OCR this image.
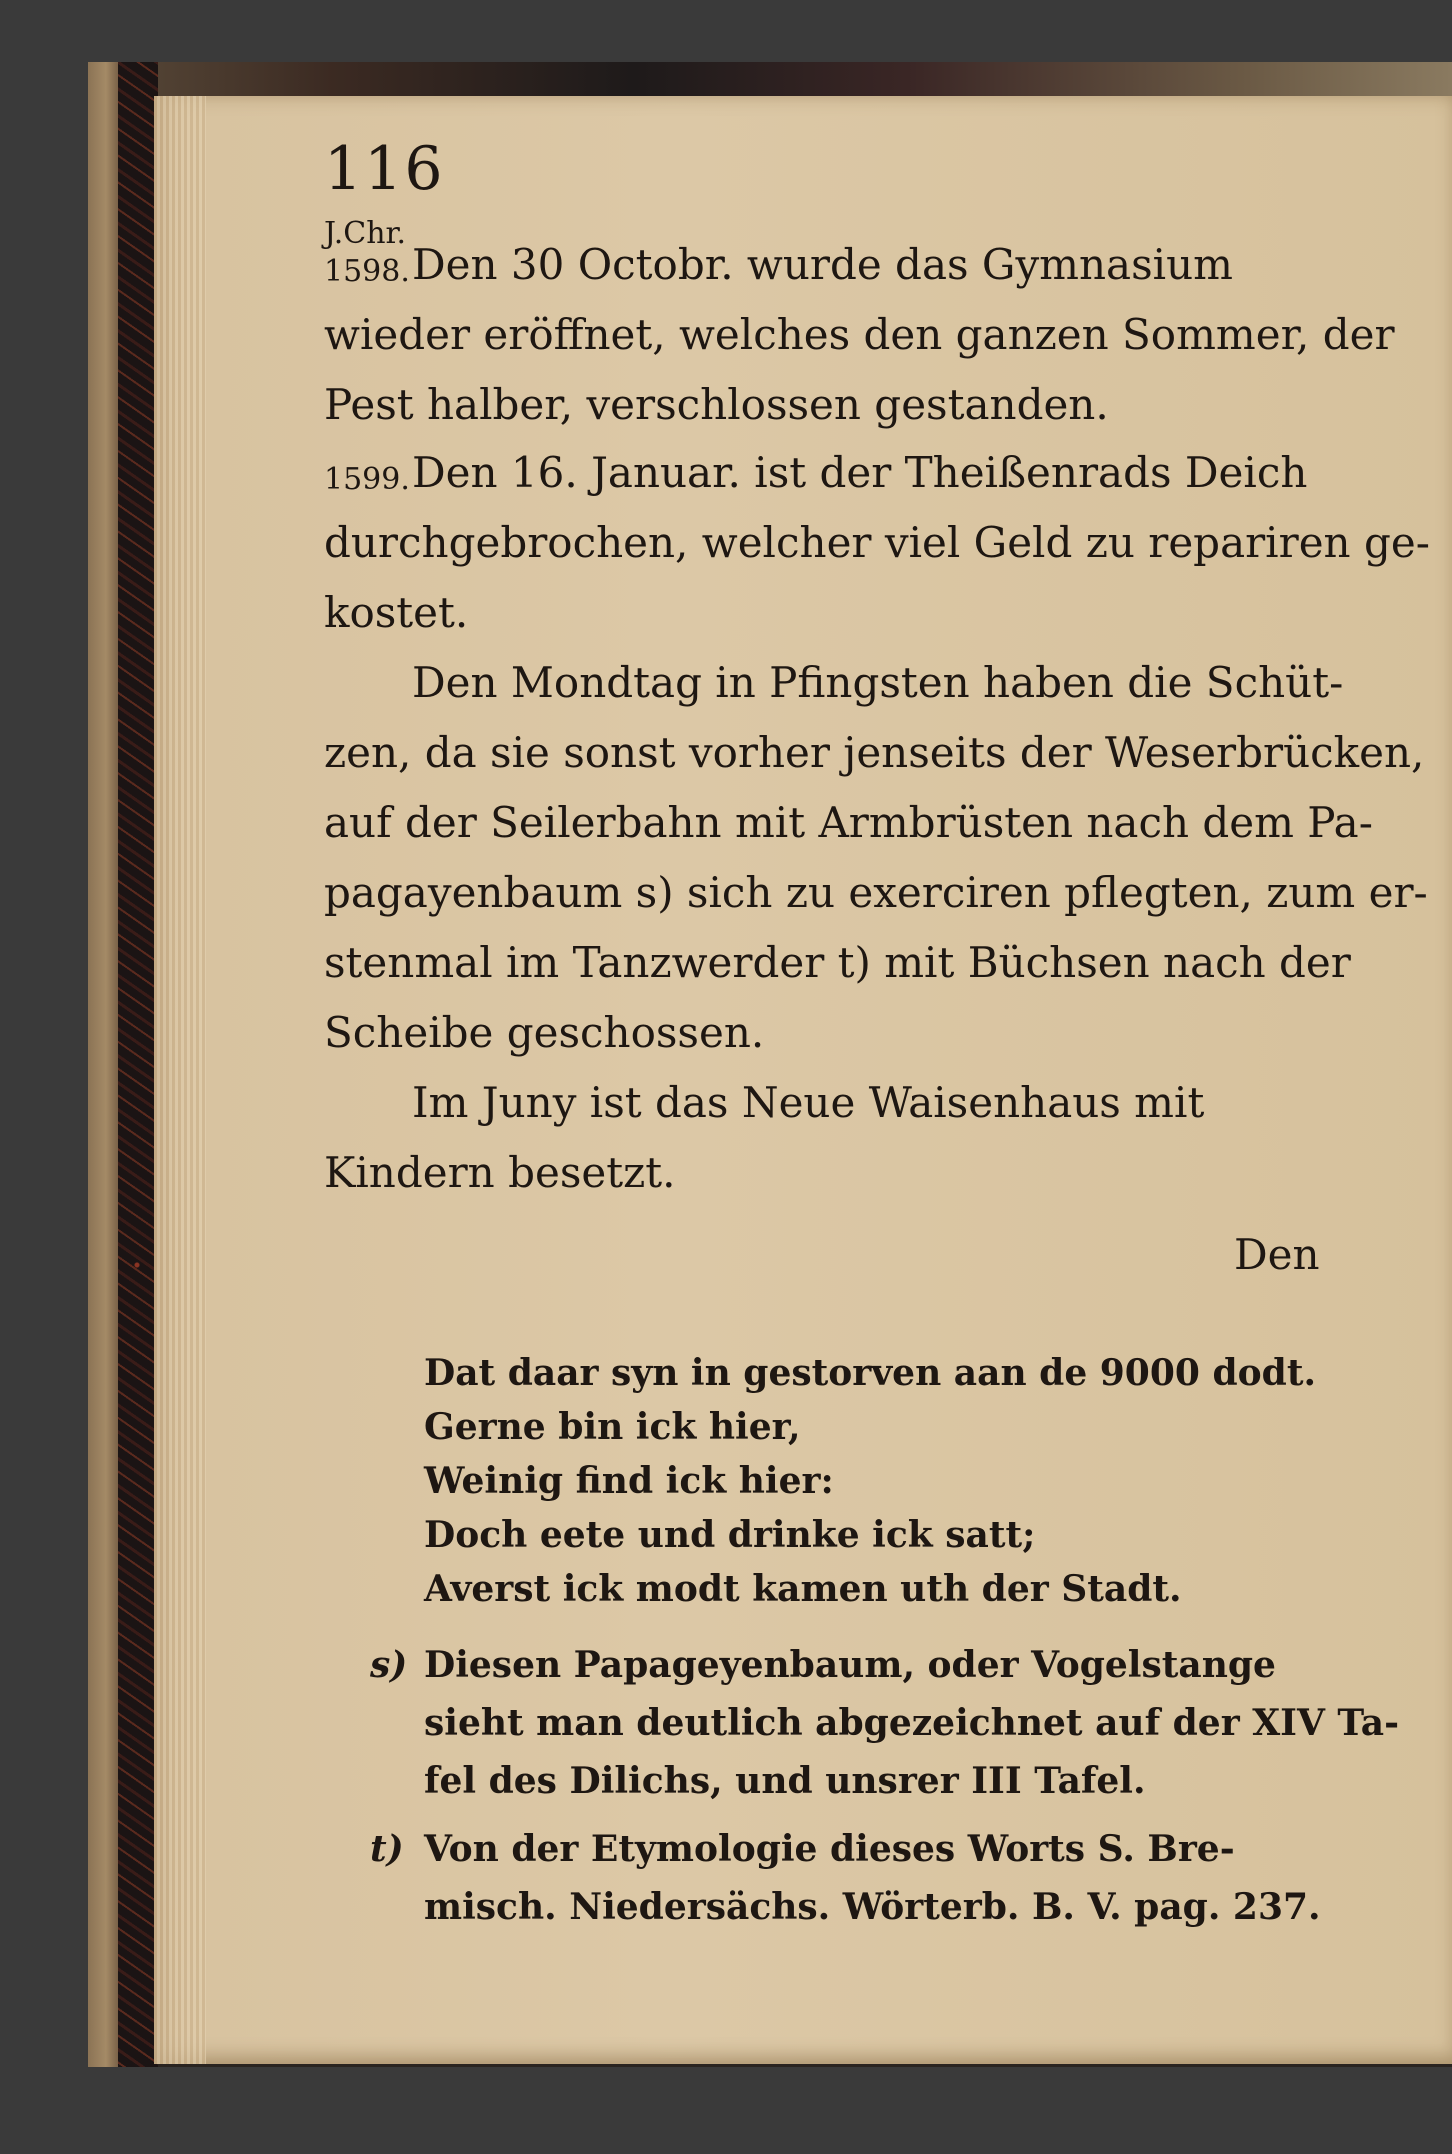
116
J.Chr.
1598. Den 30 Octobr. wurde das Gymnasium
wieder eröffnet, welches den ganzen Sommer, der
Pest halber, verschlossen gestanden.
1599. Den 16. Januar. ist der Theißenrads Deich
durchgebrochen, welcher viel Geld zu repariren ge-
kostet.
Den Mondtag in Pfingsten haben die Schüt-
zen, da sie sonst vorher jenseits der Weserbrücken,
auf der Seilerbahn mit Armbrüsten nach dem Pa-
pagayenbaum s) sich zu exerciren pflegten, zum er-
stenmal im Tanzwerder t) mit Büchsen nach der
Scheibe geschossen.
Im Juny ist das Neue Waisenhaus mit
Kindern besetzt.
Den
Dat daar syn in gestorven aan de 9000 dodt.
Gerne bin ick hier,
Weinig find ick hier:
Doch eete und drinke ick satt;
Averst ick modt kamen uth der Stadt.
s) Diesen Papageyenbaum, oder Vogelstange
sieht man deutlich abgezeichnet auf der XIV Ta-
fel des Dilichs, und unsrer III Tafel.
t) Von der Etymologie dieses Worts S. Bre-
misch. Niedersächs. Wörterb. B. V. pag. 237.
